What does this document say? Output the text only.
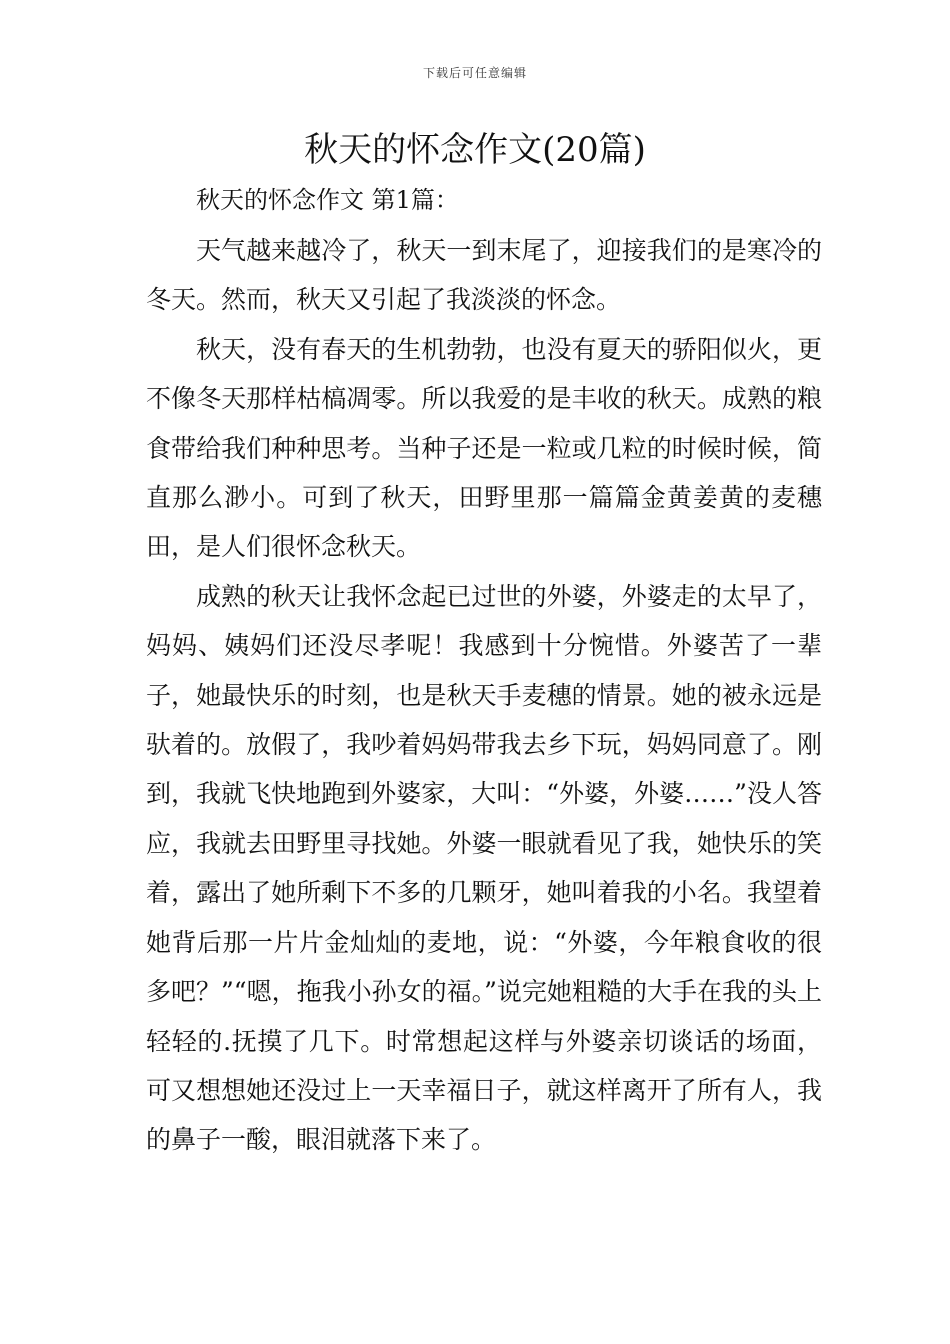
下载后可任意编辑
秋天的怀念作文(20篇)
秋天的怀念作文 第1篇：

天气越来越冷了，秋天一到末尾了，迎接我们的是寒冷的冬天。然而，秋天又引起了我淡淡的怀念。

秋天，没有春天的生机勃勃，也没有夏天的骄阳似火，更不像冬天那样枯槁凋零。所以我爱的是丰收的秋天。成熟的粮食带给我们种种思考。当种子还是一粒或几粒的时候时候，简直那么渺小。可到了秋天，田野里那一篇篇金黄姜黄的麦穗田，是人们很怀念秋天。

成熟的秋天让我怀念起已过世的外婆，外婆走的太早了，妈妈、姨妈们还没尽孝呢！我感到十分惋惜。外婆苦了一辈子，她最快乐的时刻，也是秋天手麦穗的情景。她的被永远是驮着的。放假了，我吵着妈妈带我去乡下玩，妈妈同意了。刚到，我就飞快地跑到外婆家，大叫：“外婆，外婆……”没人答应，我就去田野里寻找她。外婆一眼就看见了我，她快乐的笑着，露出了她所剩下不多的几颗牙，她叫着我的小名。我望着她背后那一片片金灿灿的麦地，说：“外婆，今年粮食收的很多吧？”“嗯，拖我小孙女的福。”说完她粗糙的大手在我的头上轻轻的.抚摸了几下。时常想起这样与外婆亲切谈话的场面，可又想想她还没过上一天幸福日子，就这样离开了所有人，我的鼻子一酸，眼泪就落下来了。
